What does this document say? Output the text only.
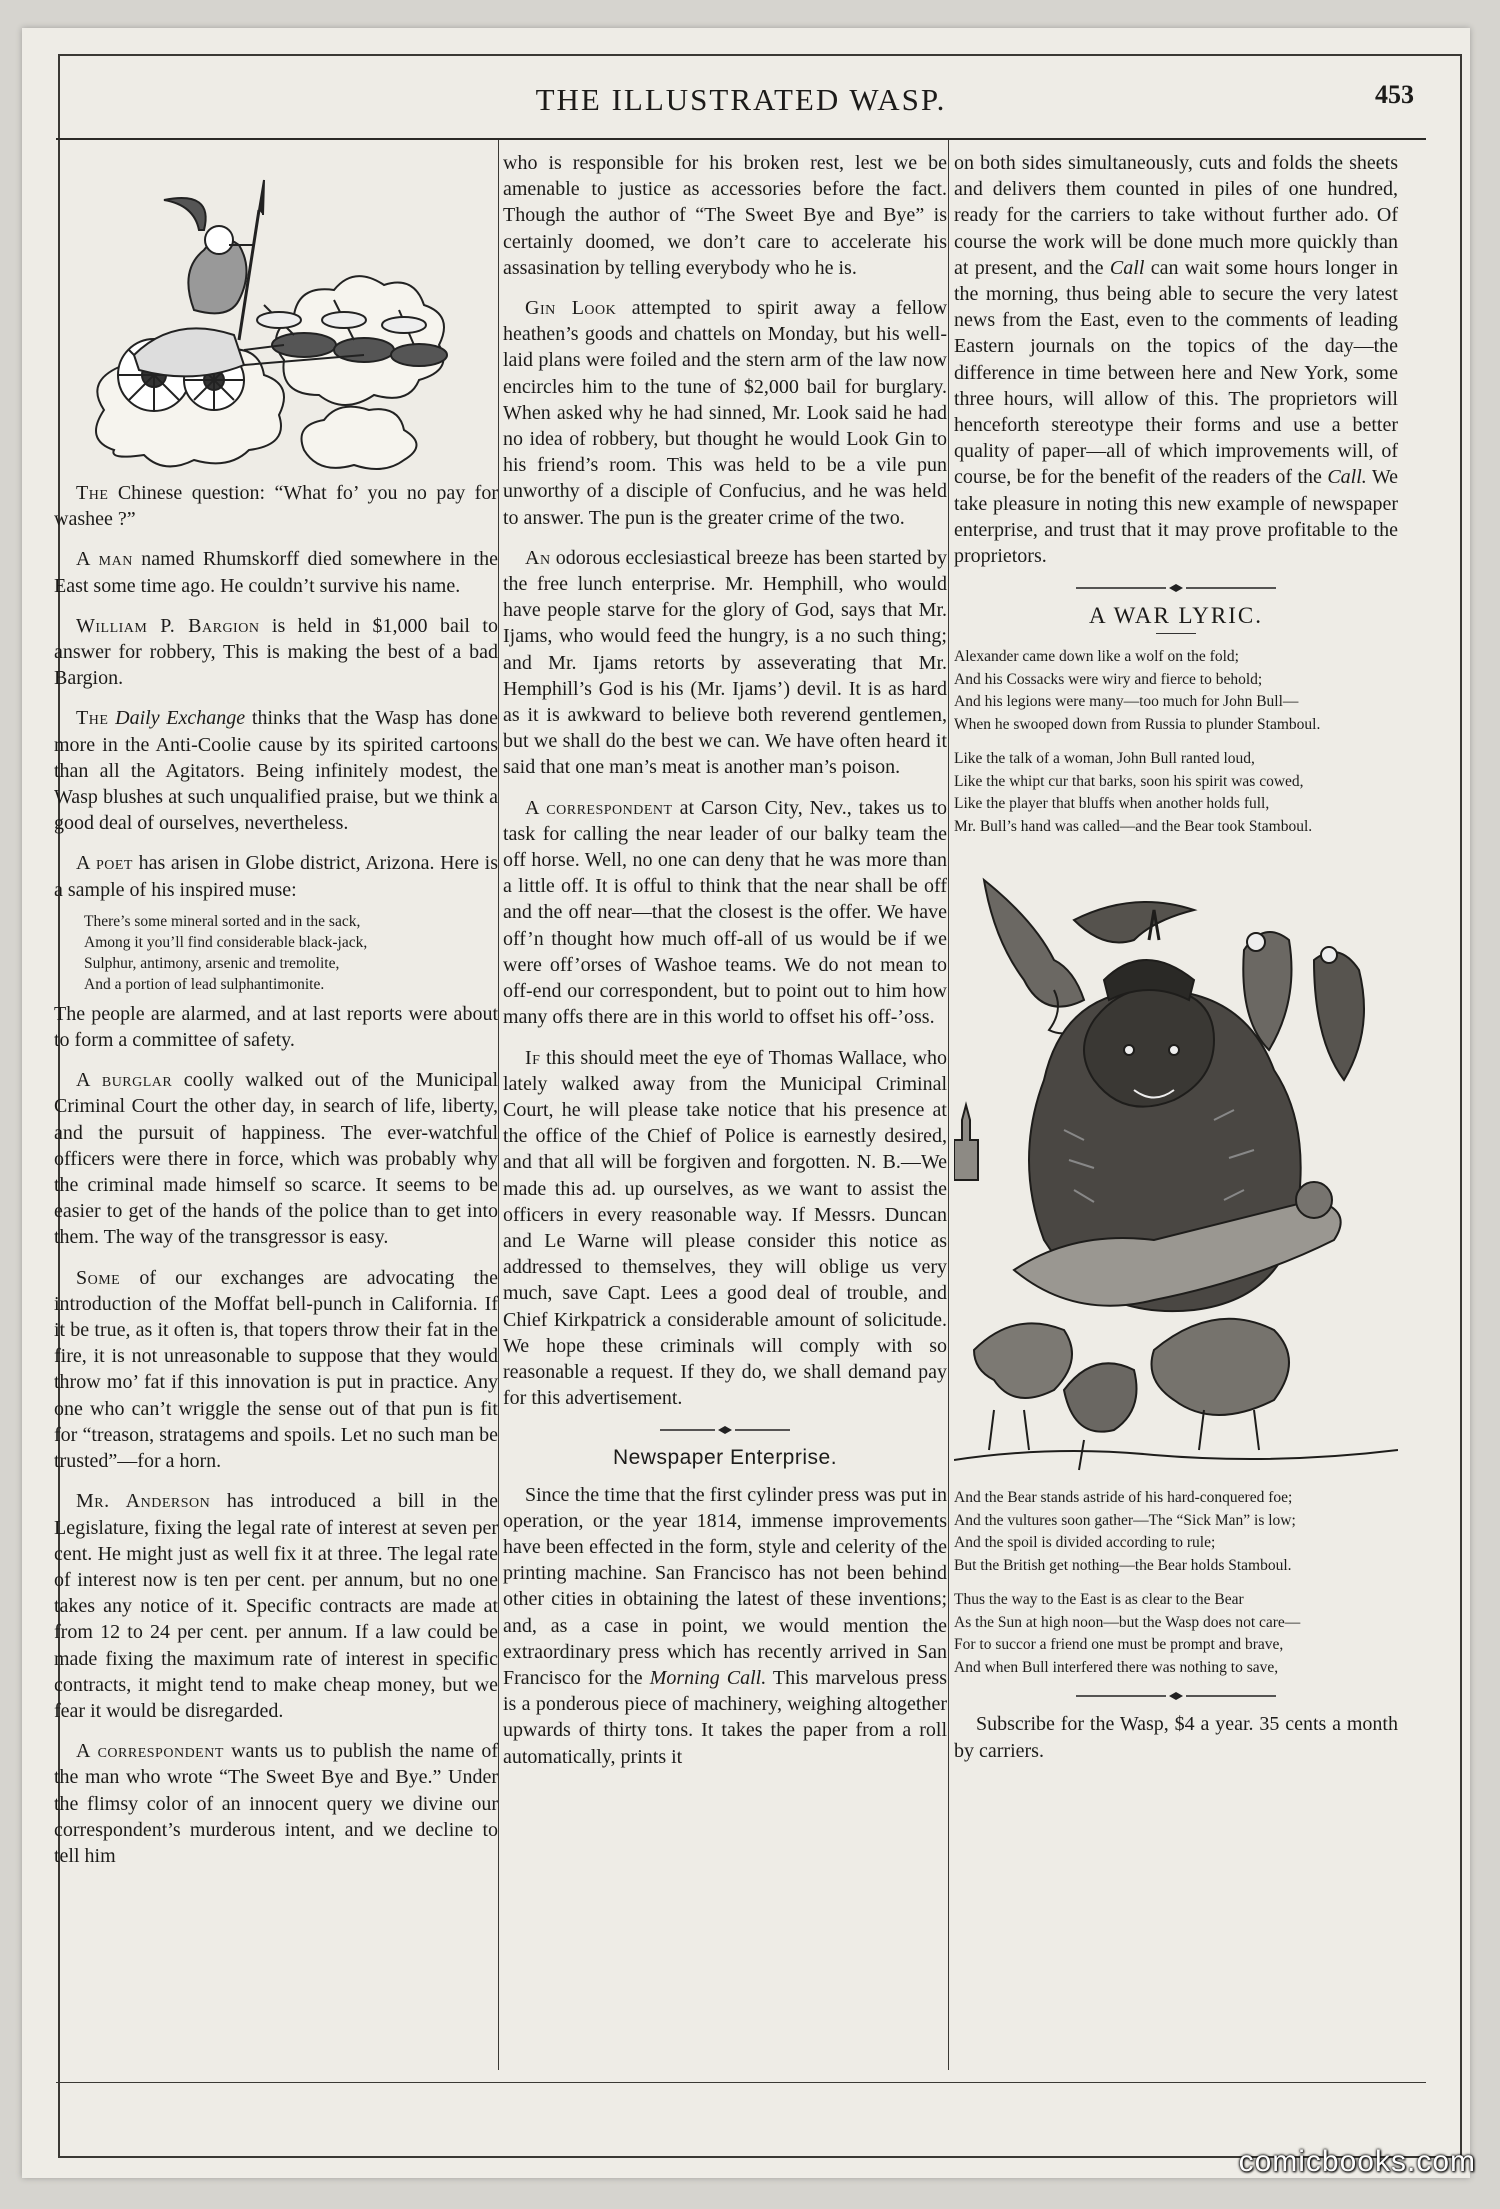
THE ILLUSTRATED WASP.	453

The Chinese question: “What fo’ you no pay for washee ?”

A man named Rhumskorff died somewhere in the East some time ago. He couldn’t survive his name.

William P. Bargion is held in $1,000 bail to answer for robbery, This is making the best of a bad Bargion.

The Daily Exchange thinks that the Wasp has done more in the Anti-Coolie cause by its spirited cartoons than all the Agitators. Being infinitely modest, the Wasp blushes at such unqualified praise, but we think a good deal of ourselves, nevertheless.

A poet has arisen in Globe district, Arizona. Here is a sample of his inspired muse:

There’s some mineral sorted and in the sack,
Among it you’ll find considerable black-jack,
Sulphur, antimony, arsenic and tremolite,
And a portion of lead sulphantimonite.

The people are alarmed, and at last reports were about to form a committee of safety.

A burglar coolly walked out of the Municipal Criminal Court the other day, in search of life, liberty, and the pursuit of happiness. The ever-watchful officers were there in force, which was probably why the criminal made himself so scarce. It seems to be easier to get of the hands of the police than to get into them. The way of the transgressor is easy.

Some of our exchanges are advocating the introduction of the Moffat bell-punch in California. If it be true, as it often is, that topers throw their fat in the fire, it is not unreasonable to suppose that they would throw mo’ fat if this innovation is put in practice. Any one who can’t wriggle the sense out of that pun is fit for “treason, stratagems and spoils. Let no such man be trusted”—for a horn.

Mr. Anderson has introduced a bill in the Legislature, fixing the legal rate of interest at seven per cent. He might just as well fix it at three. The legal rate of interest now is ten per cent. per annum, but no one takes any notice of it. Specific contracts are made at from 12 to 24 per cent. per annum. If a law could be made fixing the maximum rate of interest in specific contracts, it might tend to make cheap money, but we fear it would be disregarded.

A correspondent wants us to publish the name of the man who wrote “The Sweet Bye and Bye.” Under the flimsy color of an innocent query we divine our correspondent’s murderous intent, and we decline to tell him

who is responsible for his broken rest, lest we be amenable to justice as accessories before the fact. Though the author of “The Sweet Bye and Bye” is certainly doomed, we don’t care to accelerate his assasination by telling everybody who he is.

Gin Look attempted to spirit away a fellow heathen’s goods and chattels on Monday, but his well-laid plans were foiled and the stern arm of the law now encircles him to the tune of $2,000 bail for burglary. When asked why he had sinned, Mr. Look said he had no idea of robbery, but thought he would Look Gin to his friend’s room. This was held to be a vile pun unworthy of a disciple of Confucius, and he was held to answer. The pun is the greater crime of the two.

An odorous ecclesiastical breeze has been started by the free lunch enterprise. Mr. Hemphill, who would have people starve for the glory of God, says that Mr. Ijams, who would feed the hungry, is a no such thing; and Mr. Ijams retorts by asseverating that Mr. Hemphill’s God is his (Mr. Ijams’) devil. It is as hard as it is awkward to believe both reverend gentlemen, but we shall do the best we can. We have often heard it said that one man’s meat is another man’s poison.

A correspondent at Carson City, Nev., takes us to task for calling the near leader of our balky team the off horse. Well, no one can deny that he was more than a little off. It is offul to think that the near shall be off and the off near—that the closest is the offer. We have off’n thought how much off-all of us would be if we were off’orses of Washoe teams. We do not mean to off-end our correspondent, but to point out to him how many offs there are in this world to offset his off-’oss.

If this should meet the eye of Thomas Wallace, who lately walked away from the Municipal Criminal Court, he will please take notice that his presence at the office of the Chief of Police is earnestly desired, and that all will be forgiven and forgotten. N. B.—We made this ad. up ourselves, as we want to assist the officers in every reasonable way. If Messrs. Duncan and Le Warne will please consider this notice as addressed to themselves, they will oblige us very much, save Capt. Lees a good deal of trouble, and Chief Kirkpatrick a considerable amount of solicitude. We hope these criminals will comply with so reasonable a request. If they do, we shall demand pay for this advertisement.

Newspaper Enterprise.

Since the time that the first cylinder press was put in operation, or the year 1814, immense improvements have been effected in the form, style and celerity of the printing machine. San Francisco has not been behind other cities in obtaining the latest of these inventions; and, as a case in point, we would mention the extraordinary press which has recently arrived in San Francisco for the Morning Call. This marvelous press is a ponderous piece of machinery, weighing altogether upwards of thirty tons. It takes the paper from a roll automatically, prints it

on both sides simultaneously, cuts and folds the sheets and delivers them counted in piles of one hundred, ready for the carriers to take without further ado. Of course the work will be done much more quickly than at present, and the Call can wait some hours longer in the morning, thus being able to secure the very latest news from the East, even to the comments of leading Eastern journals on the topics of the day—the difference in time between here and New York, some three hours, will allow of this. The proprietors will henceforth stereotype their forms and use a better quality of paper—all of which improvements will, of course, be for the benefit of the readers of the Call. We take pleasure in noting this new example of newspaper enterprise, and trust that it may prove profitable to the proprietors.

A WAR LYRIC.
Alexander came down like a wolf on the fold;
And his Cossacks were wiry and fierce to behold;
And his legions were many—too much for John Bull—
When he swooped down from Russia to plunder Stamboul.
Like the talk of a woman, John Bull ranted loud,
Like the whipt cur that barks, soon his spirit was cowed,
Like the player that bluffs when another holds full,
Mr. Bull’s hand was called—and the Bear took Stamboul.
And the Bear stands astride of his hard-conquered foe;
And the vultures soon gather—The “Sick Man” is low;
And the spoil is divided according to rule;
But the British get nothing—the Bear holds Stamboul.
Thus the way to the East is as clear to the Bear
As the Sun at high noon—but the Wasp does not care—
For to succor a friend one must be prompt and brave,
And when Bull interfered there was nothing to save,

Subscribe for the Wasp, $4 a year. 35 cents a month by carriers.

comicbooks.com
